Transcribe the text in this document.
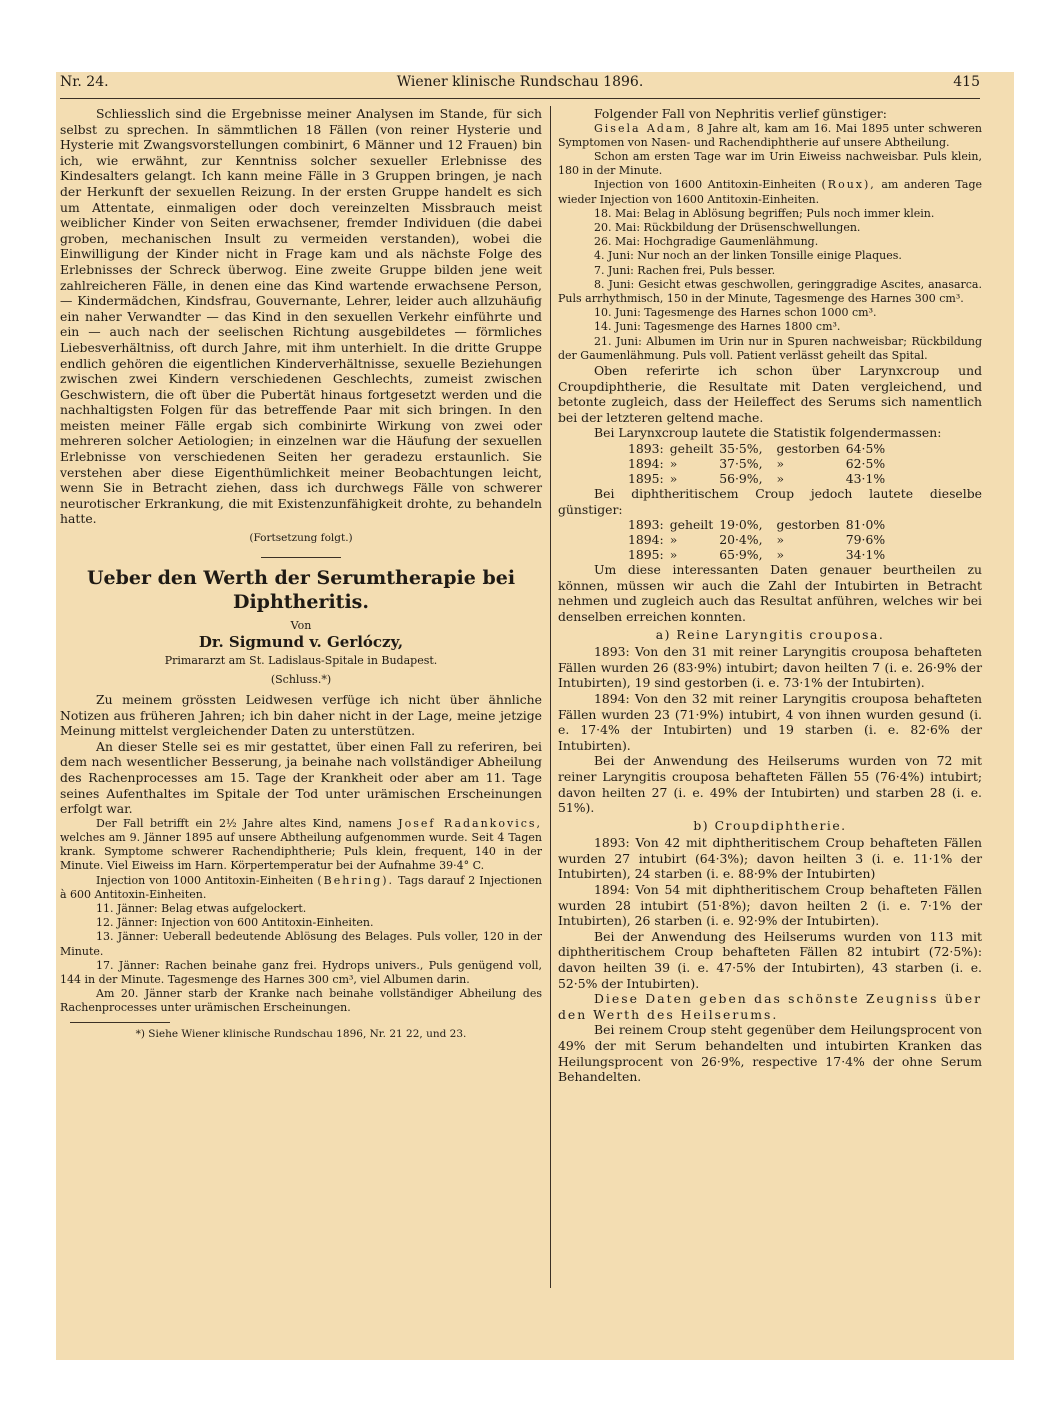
Nr. 24.	Wiener klinische Rundschau 1896.	415

Schliesslich sind die Ergebnisse meiner Analysen im Stande, für sich selbst zu sprechen. In sämmtlichen 18 Fällen (von reiner Hysterie und Hysterie mit Zwangsvorstellungen combinirt, 6 Männer und 12 Frauen) bin ich, wie erwähnt, zur Kenntniss solcher sexueller Erlebnisse des Kindesalters gelangt. Ich kann meine Fälle in 3 Gruppen bringen, je nach der Herkunft der sexuellen Reizung. In der ersten Gruppe handelt es sich um Attentate, einmaligen oder doch vereinzelten Missbrauch meist weiblicher Kinder von Seiten erwachsener, fremder Individuen (die dabei groben, mechanischen Insult zu vermeiden verstanden), wobei die Einwilligung der Kinder nicht in Frage kam und als nächste Folge des Erlebnisses der Schreck überwog. Eine zweite Gruppe bilden jene weit zahlreicheren Fälle, in denen eine das Kind wartende erwachsene Person, — Kindermädchen, Kindsfrau, Gouvernante, Lehrer, leider auch allzuhäufig ein naher Verwandter — das Kind in den sexuellen Verkehr einführte und ein — auch nach der seelischen Richtung ausgebildetes — förmliches Liebesverhältniss, oft durch Jahre, mit ihm unterhielt. In die dritte Gruppe endlich gehören die eigentlichen Kinderverhältnisse, sexuelle Beziehungen zwischen zwei Kindern verschiedenen Geschlechts, zumeist zwischen Geschwistern, die oft über die Pubertät hinaus fortgesetzt werden und die nachhaltigsten Folgen für das betreffende Paar mit sich bringen. In den meisten meiner Fälle ergab sich combinirte Wirkung von zwei oder mehreren solcher Aetiologien; in einzelnen war die Häufung der sexuellen Erlebnisse von verschiedenen Seiten her geradezu erstaunlich. Sie verstehen aber diese Eigenthümlichkeit meiner Beobachtungen leicht, wenn Sie in Betracht ziehen, dass ich durchwegs Fälle von schwerer neurotischer Erkrankung, die mit Existenzunfähigkeit drohte, zu behandeln hatte.

(Fortsetzung folgt.)
Ueber den Werth der Serumtherapie bei Diphtheritis.
Von
Dr. Sigmund v. Gerlóczy,
Primararzt am St. Ladislaus-Spitale in Budapest.
(Schluss.*)

Zu meinem grössten Leidwesen verfüge ich nicht über ähnliche Notizen aus früheren Jahren; ich bin daher nicht in der Lage, meine jetzige Meinung mittelst vergleichender Daten zu unterstützen.

An dieser Stelle sei es mir gestattet, über einen Fall zu referiren, bei dem nach wesentlicher Besserung, ja beinahe nach vollständiger Abheilung des Rachenprocesses am 15. Tage der Krankheit oder aber am 11. Tage seines Aufenthaltes im Spitale der Tod unter urämischen Erscheinungen erfolgt war.

Der Fall betrifft ein 2½ Jahre altes Kind, namens Josef Radankovics, welches am 9. Jänner 1895 auf unsere Abtheilung aufgenommen wurde. Seit 4 Tagen krank. Symptome schwerer Rachendiphtherie; Puls klein, frequent, 140 in der Minute. Viel Eiweiss im Harn. Körpertemperatur bei der Aufnahme 39·4° C.

Injection von 1000 Antitoxin-Einheiten (Behring). Tags darauf 2 Injectionen à 600 Antitoxin-Einheiten.

11. Jänner: Belag etwas aufgelockert.

12. Jänner: Injection von 600 Antitoxin-Einheiten.

13. Jänner: Ueberall bedeutende Ablösung des Belages. Puls voller, 120 in der Minute.

17. Jänner: Rachen beinahe ganz frei. Hydrops univers., Puls genügend voll, 144 in der Minute. Tagesmenge des Harnes 300 cm³, viel Albumen darin.

Am 20. Jänner starb der Kranke nach beinahe vollständiger Abheilung des Rachenprocesses unter urämischen Erscheinungen.

*) Siehe Wiener klinische Rundschau 1896, Nr. 21 22, und 23.

Folgender Fall von Nephritis verlief günstiger:

Gisela Adam, 8 Jahre alt, kam am 16. Mai 1895 unter schweren Symptomen von Nasen- und Rachendiphtherie auf unsere Abtheilung.

Schon am ersten Tage war im Urin Eiweiss nachweisbar. Puls klein, 180 in der Minute.

Injection von 1600 Antitoxin-Einheiten (Roux), am anderen Tage wieder Injection von 1600 Antitoxin-Einheiten.

18. Mai: Belag in Ablösung begriffen; Puls noch immer klein.

20. Mai: Rückbildung der Drüsenschwellungen.

26. Mai: Hochgradige Gaumenlähmung.

4. Juni: Nur noch an der linken Tonsille einige Plaques.

7. Juni: Rachen frei, Puls besser.

8. Juni: Gesicht etwas geschwollen, geringgradige Ascites, anasarca. Puls arrhythmisch, 150 in der Minute, Tagesmenge des Harnes 300 cm³.

10. Juni: Tagesmenge des Harnes schon 1000 cm³.

14. Juni: Tagesmenge des Harnes 1800 cm³.

21. Juni: Albumen im Urin nur in Spuren nachweisbar; Rückbildung der Gaumenlähmung. Puls voll. Patient verlässt geheilt das Spital.

Oben referirte ich schon über Larynxcroup und Croupdiphtherie, die Resultate mit Daten vergleichend, und betonte zugleich, dass der Heileffect des Serums sich namentlich bei der letzteren geltend mache.

Bei Larynxcroup lautete die Statistik folgendermassen:

1893:	geheilt	35·5%,	gestorben	64·5%
1894:	»	37·5%,	»	62·5%
1895:	»	56·9%,	»	43·1%

Bei diphtheritischem Croup jedoch lautete dieselbe günstiger:

1893:	geheilt	19·0%,	gestorben	81·0%
1894:	»	20·4%,	»	79·6%
1895:	»	65·9%,	»	34·1%

Um diese interessanten Daten genauer beurtheilen zu können, müssen wir auch die Zahl der Intubirten in Betracht nehmen und zugleich auch das Resultat anführen, welches wir bei denselben erreichen konnten.

a) Reine Laryngitis crouposa.

1893: Von den 31 mit reiner Laryngitis crouposa behafteten Fällen wurden 26 (83·9%) intubirt; davon heilten 7 (i. e. 26·9% der Intubirten), 19 sind gestorben (i. e. 73·1% der Intubirten).

1894: Von den 32 mit reiner Laryngitis crouposa behafteten Fällen wurden 23 (71·9%) intubirt, 4 von ihnen wurden gesund (i. e. 17·4% der Intubirten) und 19 starben (i. e. 82·6% der Intubirten).

Bei der Anwendung des Heilserums wurden von 72 mit reiner Laryngitis crouposa behafteten Fällen 55 (76·4%) intubirt; davon heilten 27 (i. e. 49% der Intubirten) und starben 28 (i. e. 51%).

b) Croupdiphtherie.

1893: Von 42 mit diphtheritischem Croup behafteten Fällen wurden 27 intubirt (64·3%); davon heilten 3 (i. e. 11·1% der Intubirten), 24 starben (i. e. 88·9% der Intubirten)

1894: Von 54 mit diphtheritischem Croup behafteten Fällen wurden 28 intubirt (51·8%); davon heilten 2 (i. e. 7·1% der Intubirten), 26 starben (i. e. 92·9% der Intubirten).

Bei der Anwendung des Heilserums wurden von 113 mit diphtheritischem Croup behafteten Fällen 82 intubirt (72·5%): davon heilten 39 (i. e. 47·5% der Intubirten), 43 starben (i. e. 52·5% der Intubirten).

Diese Daten geben das schönste Zeugniss über den Werth des Heilserums.

Bei reinem Croup steht gegenüber dem Heilungsprocent von 49% der mit Serum behandelten und intubirten Kranken das Heilungsprocent von 26·9%, respective 17·4% der ohne Serum Behandelten.
